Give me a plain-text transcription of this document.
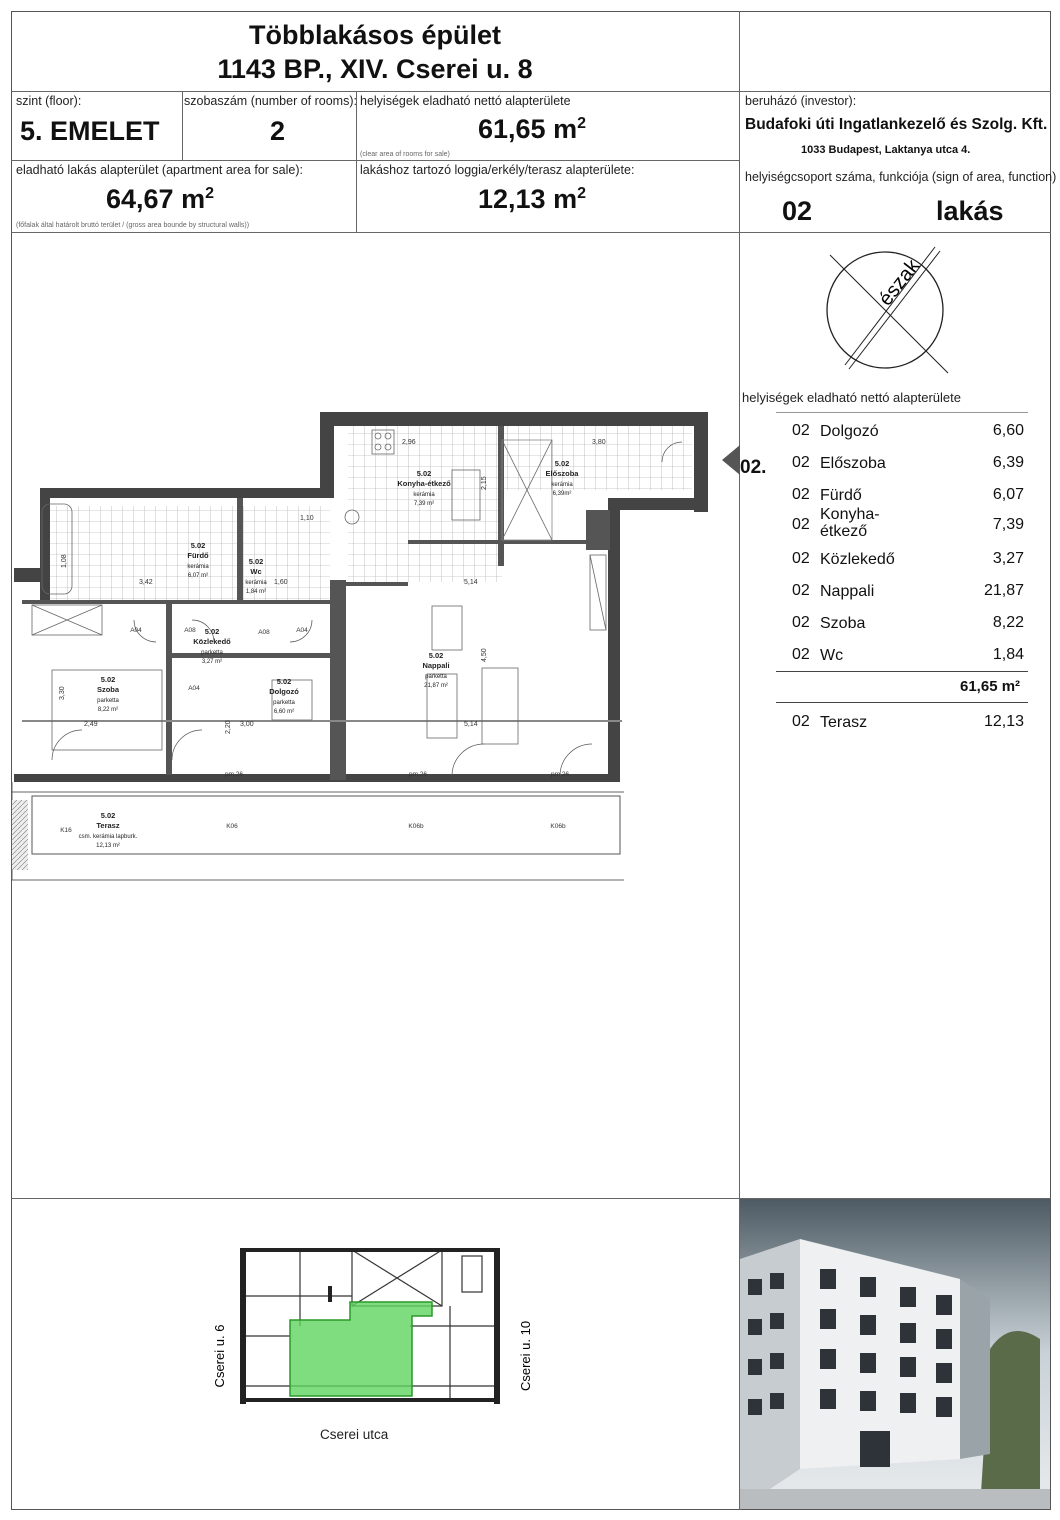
Többlakásos épület
1143 BP., XIV. Cserei u. 8
szint (floor):
5. EMELET
szobaszám (number of rooms):
2
helyiségek eladható nettó alapterülete
61,65 $m^2$
(clear area of rooms for sale)
eladható lakás alapterület (apartment area for sale):
64,67 $m^2$
(főfalak által határolt bruttó terület / (gross area bounde by structural walls))
lakáshoz tartozó loggia/erkély/terasz alapterülete:
12,13 $m^2$
beruházó (investor):
Budafoki úti Ingatlankezelő és Szolg. Kft.
1033 Budapest, Laktanya utca 4.
helyiségcsoport száma, funkciója (sign of area, function)
02	lakás
észak
helyiségek eladható nettó alapterülete
02 Dolgozó	6,60
02 Előszoba	6,39
02 Fürdő	6,07
02
Konyha-
étkező	7,39
02 Közlekedő	3,27
02 Nappali	21,87
02 Szoba	8,22
02 Wc	1,84
61,65 m²
02 Terasz	12,13
02.
5.02
Konyha-étkező
kerámia
7,39 m²
5.02
Előszoba
kerámia
6,39m²
5.02
Fürdő
kerámia
6,07 m²
5.02
Wc
kerámia
1,84 m²
5.02
Közlekedő
parketta
3,27 m²
5.02
Szoba
parketta
8,22 m²
5.02
Dolgozó
parketta
6,60 m²
5.02
Nappali
parketta
21,87 m²
5.02
Terasz
csm. kerámia lapburk.
12,13 m²
2,96	3,80
3,42	1,60	5,14
2,49	3,00	5,14
3,30
4,50
2,15
1,10
1,08
2,20
A04	A08	A08	A04
A04
K06	K06b	K06b
K16
pm 26	pm 26	pm 26
Cserei u. 6	Cserei u. 10
Cserei utca
